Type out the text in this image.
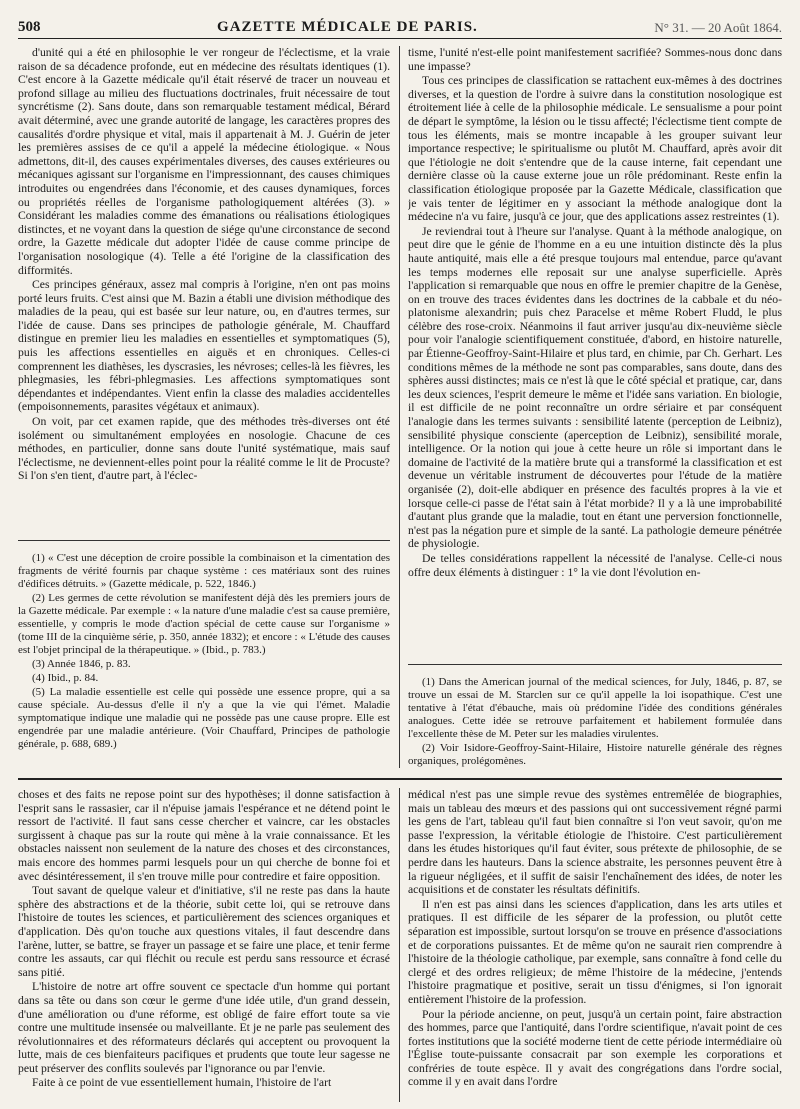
508	GAZETTE MÉDICALE DE PARIS.	N° 31. — 20 Août 1864.

d'unité qui a été en philosophie le ver rongeur de l'éclectisme, et la vraie raison de sa décadence profonde, eut en médecine des résultats identiques (1). C'est encore à la Gazette médicale qu'il était réservé de tracer un nouveau et profond sillage au milieu des fluctuations doctrinales, fruit nécessaire de tout syncrétisme (2). Sans doute, dans son remarquable testament médical, Bérard avait déterminé, avec une grande autorité de langage, les caractères propres des causalités d'ordre physique et vital, mais il appartenait à M. J. Guérin de jeter les premières assises de ce qu'il a appelé la médecine étiologique. « Nous admettons, dit-il, des causes expérimentales diverses, des causes extérieures ou mécaniques agissant sur l'organisme en l'impressionnant, des causes chimiques introduites ou engendrées dans l'économie, et des causes dynamiques, forces ou propriétés réelles de l'organisme pathologiquement altérées (3). » Considérant les maladies comme des émanations ou réalisations étiologiques distinctes, et ne voyant dans la question de siége qu'une circonstance de second ordre, la Gazette médicale dut adopter l'idée de cause comme principe de l'organisation nosologique (4). Telle a été l'origine de la classification des difformités.

Ces principes généraux, assez mal compris à l'origine, n'en ont pas moins porté leurs fruits. C'est ainsi que M. Bazin a établi une division méthodique des maladies de la peau, qui est basée sur leur nature, ou, en d'autres termes, sur l'idée de cause. Dans ses principes de pathologie générale, M. Chauffard distingue en premier lieu les maladies en essentielles et symptomatiques (5), puis les affections essentielles en aiguës et en chroniques. Celles-ci comprennent les diathèses, les dyscrasies, les névroses; celles-là les fièvres, les phlegmasies, les fébri-phlegmasies. Les affections symptomatiques sont dépendantes et indépendantes. Vient enfin la classe des maladies accidentelles (empoisonnements, parasites végétaux et animaux).

On voit, par cet examen rapide, que des méthodes très-diverses ont été isolément ou simultanément employées en nosologie. Chacune de ces méthodes, en particulier, donne sans doute l'unité systématique, mais sauf l'éclectisme, ne deviennent-elles point pour la réalité comme le lit de Procuste? Si l'on s'en tient, d'autre part, à l'éclec-

(1) « C'est une déception de croire possible la combinaison et la cimentation des fragments de vérité fournis par chaque système : ces matériaux sont des ruines d'édifices détruits. » (Gazette médicale, p. 522, 1846.)

(2) Les germes de cette révolution se manifestent déjà dès les premiers jours de la Gazette médicale. Par exemple : « la nature d'une maladie c'est sa cause première, essentielle, y compris le mode d'action spécial de cette cause sur l'organisme » (tome III de la cinquième série, p. 350, année 1832); et encore : « L'étude des causes est l'objet principal de la thérapeutique. » (Ibid., p. 783.)

(3) Année 1846, p. 83.

(4) Ibid., p. 84.

(5) La maladie essentielle est celle qui possède une essence propre, qui a sa cause spéciale. Au-dessus d'elle il n'y a que la vie qui l'émet. Maladie symptomatique indique une maladie qui ne possède pas une cause propre. Elle est engendrée par une maladie antérieure. (Voir Chauffard, Principes de pathologie générale, p. 688, 689.)

tisme, l'unité n'est-elle point manifestement sacrifiée? Sommes-nous donc dans une impasse?

Tous ces principes de classification se rattachent eux-mêmes à des doctrines diverses, et la question de l'ordre à suivre dans la constitution nosologique est étroitement liée à celle de la philosophie médicale. Le sensualisme a pour point de départ le symptôme, la lésion ou le tissu affecté; l'éclectisme tient compte de tous les éléments, mais se montre incapable à les grouper suivant leur importance respective; le spiritualisme ou plutôt M. Chauffard, après avoir dit que l'étiologie ne doit s'entendre que de la cause interne, fait cependant une dernière classe où la cause externe joue un rôle prédominant. Reste enfin la classification étiologique proposée par la Gazette Médicale, classification que je vais tenter de légitimer en y associant la méthode analogique dont la médecine n'a vu faire, jusqu'à ce jour, que des applications assez restreintes (1).

Je reviendrai tout à l'heure sur l'analyse. Quant à la méthode analogique, on peut dire que le génie de l'homme en a eu une intuition distincte dès la plus haute antiquité, mais elle a été presque toujours mal entendue, parce qu'avant les temps modernes elle reposait sur une analyse superficielle. Après l'application si remarquable que nous en offre le premier chapitre de la Genèse, on en trouve des traces évidentes dans les doctrines de la cabbale et du néo-platonisme alexandrin; puis chez Paracelse et même Robert Fludd, le plus célèbre des rose-croix. Néanmoins il faut arriver jusqu'au dix-neuvième siècle pour voir l'analogie scientifiquement constituée, d'abord, en histoire naturelle, par Étienne-Geoffroy-Saint-Hilaire et plus tard, en chimie, par Ch. Gerhart. Les conditions mêmes de la méthode ne sont pas comparables, sans doute, dans des sphères aussi distinctes; mais ce n'est là que le côté spécial et pratique, car, dans les deux sciences, l'esprit demeure le même et l'idée sans variation. En biologie, il est difficile de ne point reconnaître un ordre sériaire et par conséquent l'analogie dans les termes suivants : sensibilité latente (perception de Leibniz), sensibilité physique consciente (aperception de Leibniz), sensibilité morale, intelligence. Or la notion qui joue à cette heure un rôle si important dans le domaine de l'activité de la matière brute qui a transformé la classification et est devenue un véritable instrument de découvertes pour l'étude de la matière organisée (2), doit-elle abdiquer en présence des facultés propres à la vie et lorsque celle-ci passe de l'état sain à l'état morbide? Il y a là une improbabilité d'autant plus grande que la maladie, tout en étant une perversion fonctionnelle, n'est pas la négation pure et simple de la santé. La pathologie demeure pénétrée de physiologie.

De telles considérations rappellent la nécessité de l'analyse. Celle-ci nous offre deux éléments à distinguer : 1° la vie dont l'évolution en-

(1) Dans the American journal of the medical sciences, for July, 1846, p. 87, se trouve un essai de M. Starclen sur ce qu'il appelle la loi isopathique. C'est une tentative à l'état d'ébauche, mais où prédomine l'idée des conditions générales analogues. Cette idée se retrouve parfaitement et habilement formulée dans l'excellente thèse de M. Peter sur les maladies virulentes.

(2) Voir Isidore-Geoffroy-Saint-Hilaire, Histoire naturelle générale des règnes organiques, prolégomènes.

choses et des faits ne repose point sur des hypothèses; il donne satisfaction à l'esprit sans le rassasier, car il n'épuise jamais l'espérance et ne détend point le ressort de l'activité. Il faut sans cesse chercher et vaincre, car les obstacles surgissent à chaque pas sur la route qui mène à la vraie connaissance. Et les obstacles naissent non seulement de la nature des choses et des circonstances, mais encore des hommes parmi lesquels pour un qui cherche de bonne foi et avec désintéressement, il s'en trouve mille pour contredire et faire opposition.

Tout savant de quelque valeur et d'initiative, s'il ne reste pas dans la haute sphère des abstractions et de la théorie, subit cette loi, qui se retrouve dans l'histoire de toutes les sciences, et particulièrement des sciences organiques et d'application. Dès qu'on touche aux questions vitales, il faut descendre dans l'arène, lutter, se battre, se frayer un passage et se faire une place, et tenir ferme contre les assauts, car qui fléchit ou recule est perdu sans ressource et écrasé sans pitié.

L'histoire de notre art offre souvent ce spectacle d'un homme qui portant dans sa tête ou dans son cœur le germe d'une idée utile, d'un grand dessein, d'une amélioration ou d'une réforme, est obligé de faire effort toute sa vie contre une multitude insensée ou malveillante. Et je ne parle pas seulement des révolutionnaires et des réformateurs déclarés qui acceptent ou provoquent la lutte, mais de ces bienfaiteurs pacifiques et prudents que toute leur sagesse ne peut préserver des conflits soulevés par l'ignorance ou par l'envie.

Faite à ce point de vue essentiellement humain, l'histoire de l'art

médical n'est pas une simple revue des systèmes entremêlée de biographies, mais un tableau des mœurs et des passions qui ont successivement régné parmi les gens de l'art, tableau qu'il faut bien connaître si l'on veut savoir, qu'on me passe l'expression, la véritable étiologie de l'histoire. C'est particulièrement dans les études historiques qu'il faut éviter, sous prétexte de philosophie, de se perdre dans les hauteurs. Dans la science abstraite, les personnes peuvent être à la rigueur négligées, et il suffit de saisir l'enchaînement des idées, de noter les acquisitions et de constater les résultats définitifs.

Il n'en est pas ainsi dans les sciences d'application, dans les arts utiles et pratiques. Il est difficile de les séparer de la profession, ou plutôt cette séparation est impossible, surtout lorsqu'on se trouve en présence d'associations et de corporations puissantes. Et de même qu'on ne saurait rien comprendre à l'histoire de la théologie catholique, par exemple, sans connaître à fond celle du clergé et des ordres religieux; de même l'histoire de la médecine, j'entends l'histoire pragmatique et positive, serait un tissu d'énigmes, si l'on ignorait entièrement l'histoire de la profession.

Pour la période ancienne, on peut, jusqu'à un certain point, faire abstraction des hommes, parce que l'antiquité, dans l'ordre scientifique, n'avait point de ces fortes institutions que la société moderne tient de cette période intermédiaire où l'Église toute-puissante consacrait par son exemple les corporations et confréries de toute espèce. Il y avait des congrégations dans l'ordre social, comme il y en avait dans l'ordre
